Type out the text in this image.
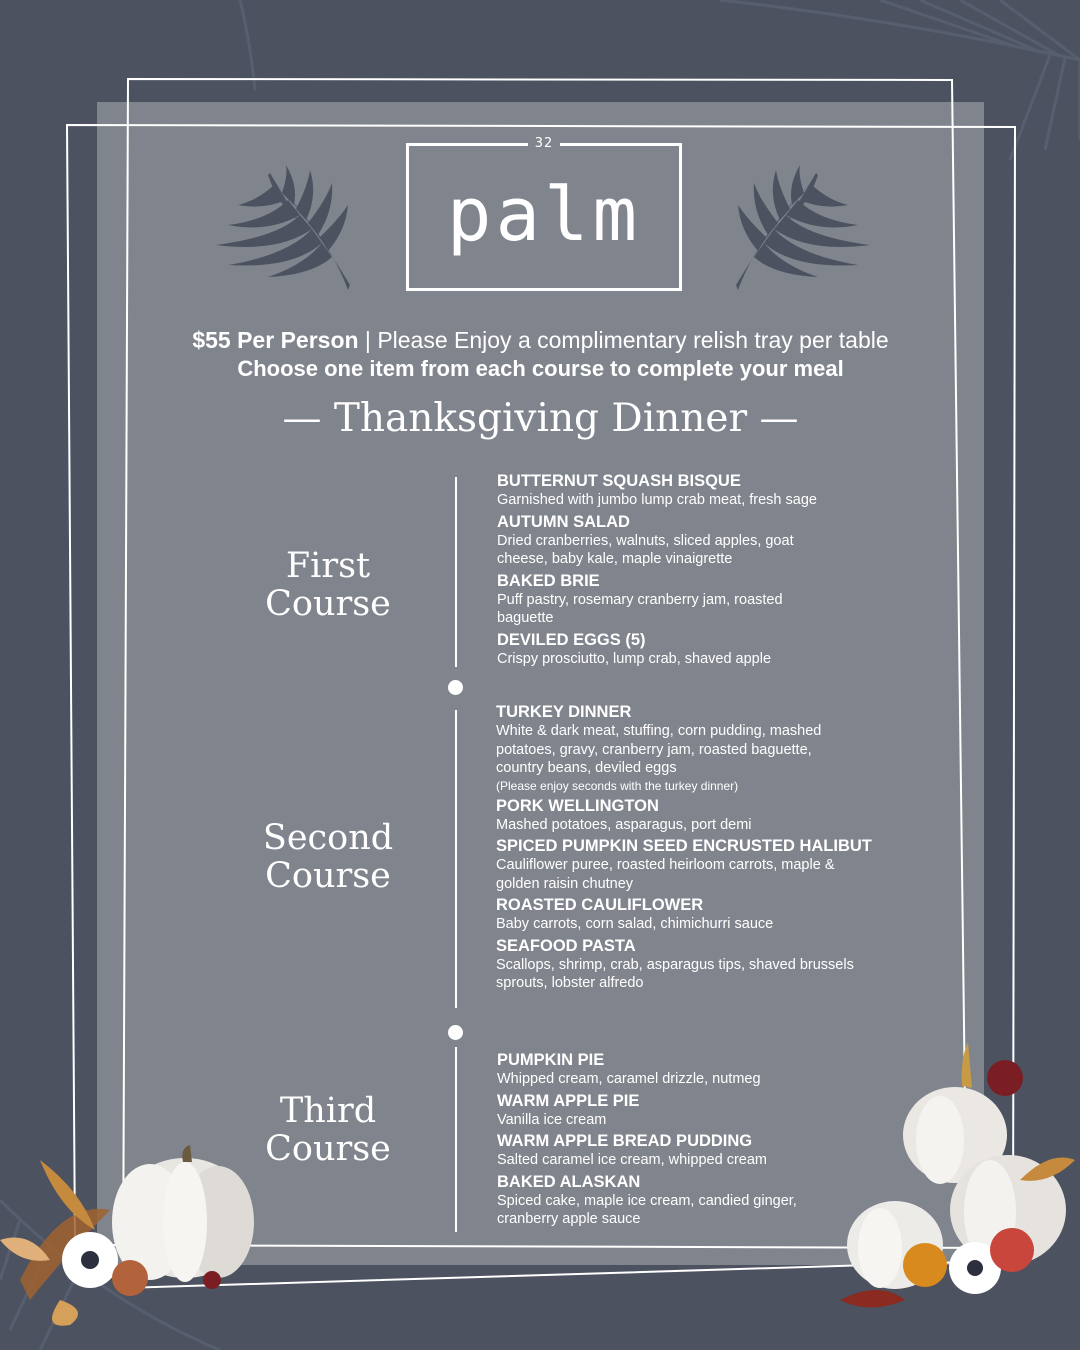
32
palm
$55 Per Person | Please Enjoy a complimentary relish tray per table
Choose one item from each course to complete your meal
— Thanksgiving Dinner —
First
Course
Second
Course
Third
Course
BUTTERNUT SQUASH BISQUE
Garnished with jumbo lump crab meat, fresh sage
AUTUMN SALAD
Dried cranberries, walnuts, sliced apples, goat cheese, baby kale, maple vinaigrette
BAKED BRIE
Puff pastry, rosemary cranberry jam, roasted baguette
DEVILED EGGS (5)
Crispy prosciutto, lump crab, shaved apple
TURKEY DINNER
White & dark meat, stuffing, corn pudding, mashed potatoes, gravy, cranberry jam, roasted baguette, country beans, deviled eggs
(Please enjoy seconds with the turkey dinner)
PORK WELLINGTON
Mashed potatoes, asparagus, port demi
SPICED PUMPKIN SEED ENCRUSTED HALIBUT
Cauliflower puree, roasted heirloom carrots, maple & golden raisin chutney
ROASTED CAULIFLOWER
Baby carrots, corn salad, chimichurri sauce
SEAFOOD PASTA
Scallops, shrimp, crab, asparagus tips, shaved brussels sprouts, lobster alfredo
PUMPKIN PIE
Whipped cream, caramel drizzle, nutmeg
WARM APPLE PIE
Vanilla ice cream
WARM APPLE BREAD PUDDING
Salted caramel ice cream, whipped cream
BAKED ALASKAN
Spiced cake, maple ice cream, candied ginger, cranberry apple sauce
